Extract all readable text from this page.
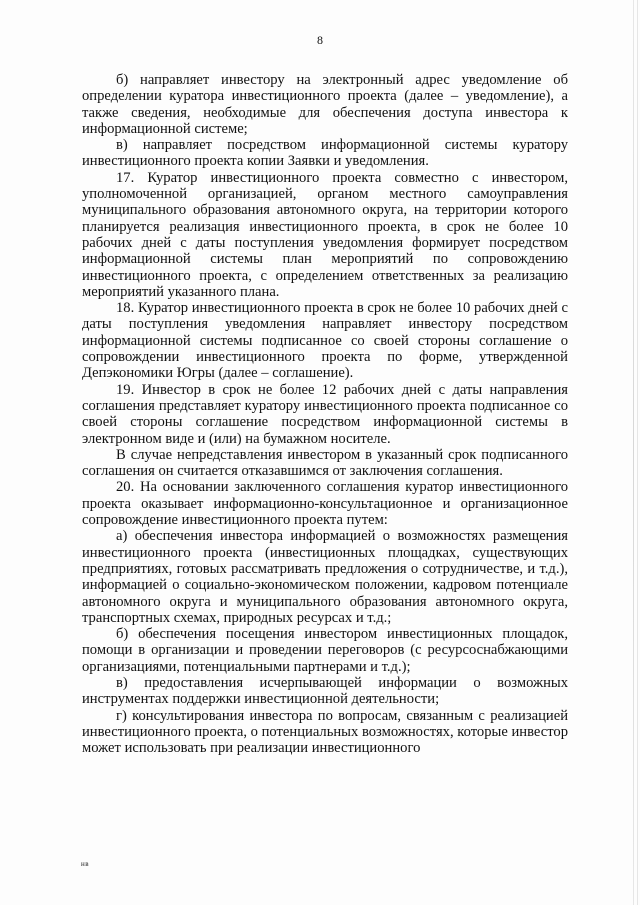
8

б) направляет инвестору на электронный адрес уведомление об определении куратора инвестиционного проекта (далее – уведомление), а также сведения, необходимые для обеспечения доступа инвестора к информационной системе;

в) направляет посредством информационной системы куратору инвестиционного проекта копии Заявки и уведомления.

17. Куратор инвестиционного проекта совместно с инвестором, уполномоченной организацией, органом местного самоуправления муниципального образования автономного округа, на территории которого планируется реализация инвестиционного проекта, в срок не более 10 рабочих дней с даты поступления уведомления формирует посредством информационной системы план мероприятий по сопровождению инвестиционного проекта, с определением ответственных за реализацию мероприятий указанного плана.

18. Куратор инвестиционного проекта в срок не более 10 рабочих дней с даты поступления уведомления направляет инвестору посредством информационной системы подписанное со своей стороны соглашение о сопровождении инвестиционного проекта по форме, утвержденной Депэкономики Югры (далее – соглашение).

19. Инвестор в срок не более 12 рабочих дней с даты направления соглашения представляет куратору инвестиционного проекта подписанное со своей стороны соглашение посредством информационной системы в электронном виде и (или) на бумажном носителе.

В случае непредставления инвестором в указанный срок подписанного соглашения он считается отказавшимся от заключения соглашения.

20. На основании заключенного соглашения куратор инвестиционного проекта оказывает информационно-консультационное и организационное сопровождение инвестиционного проекта путем:

а) обеспечения инвестора информацией о возможностях размещения инвестиционного проекта (инвестиционных площадках, существующих предприятиях, готовых рассматривать предложения о сотрудничестве, и т.д.), информацией о социально-экономическом положении, кадровом потенциале автономного округа и муниципального образования автономного округа, транспортных схемах, природных ресурсах и т.д.;

б) обеспечения посещения инвестором инвестиционных площадок, помощи в организации и проведении переговоров (с ресурсоснабжающими организациями, потенциальными партнерами и т.д.);

в) предоставления исчерпывающей информации о возможных инструментах поддержки инвестиционной деятельности;

г) консультирования инвестора по вопросам, связанным с реализацией инвестиционного проекта, о потенциальных возможностях, которые инвестор может использовать при реализации инвестиционного

нв
